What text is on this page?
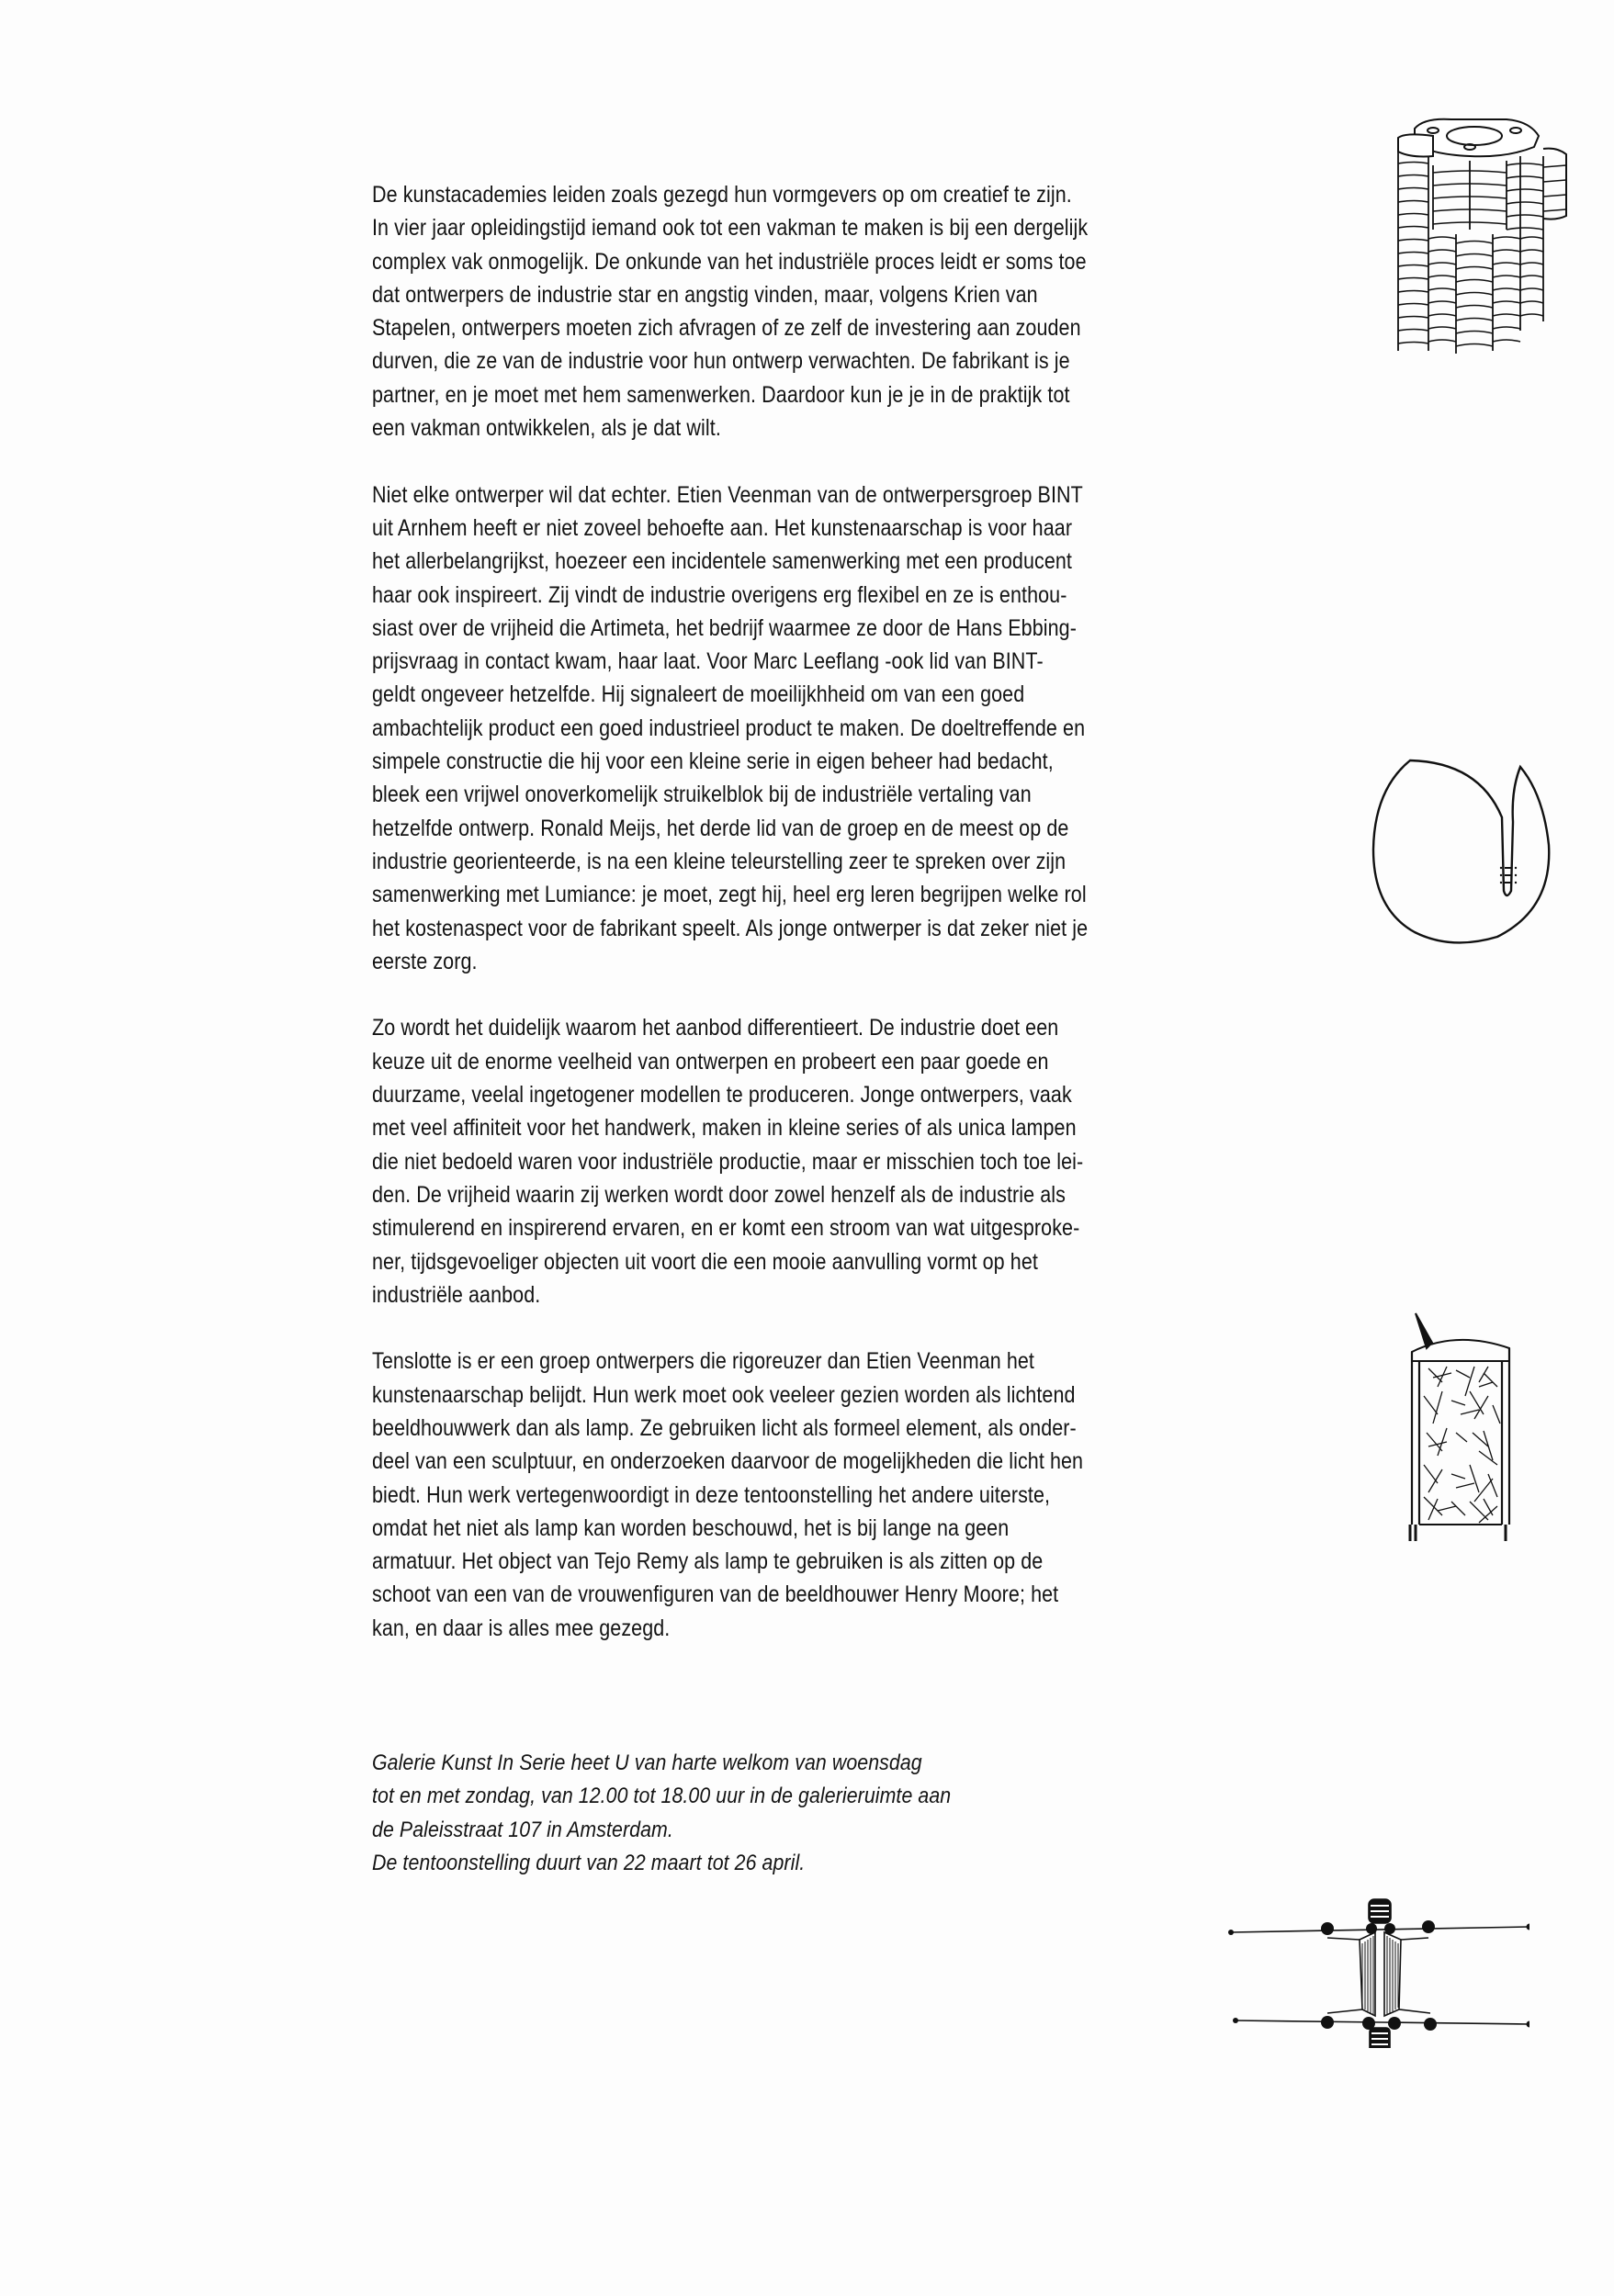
De kunstacademies leiden zoals gezegd hun vormgevers op om creatief te zijn.
In vier jaar opleidingstijd iemand ook tot een vakman te maken is bij een dergelijk
complex vak onmogelijk. De onkunde van het industriële proces leidt er soms toe
dat ontwerpers de industrie star en angstig vinden, maar, volgens Krien van
Stapelen, ontwerpers moeten zich afvragen of ze zelf de investering aan zouden
durven, die ze van de industrie voor hun ontwerp verwachten. De fabrikant is je
partner, en je moet met hem samenwerken. Daardoor kun je je in de praktijk tot
een vakman ontwikkelen, als je dat wilt.

Niet elke ontwerper wil dat echter. Etien Veenman van de ontwerpersgroep BINT
uit Arnhem heeft er niet zoveel behoefte aan. Het kunstenaarschap is voor haar
het allerbelangrijkst, hoezeer een incidentele samenwerking met een producent
haar ook inspireert. Zij vindt de industrie overigens erg flexibel en ze is enthou-
siast over de vrijheid die Artimeta, het bedrijf waarmee ze door de Hans Ebbing-
prijsvraag in contact kwam, haar laat. Voor Marc Leeflang -ook lid van BINT-
geldt ongeveer hetzelfde. Hij signaleert de moeilijkhheid om van een goed
ambachtelijk product een goed industrieel product te maken. De doeltreffende en
simpele constructie die hij voor een kleine serie in eigen beheer had bedacht,
bleek een vrijwel onoverkomelijk struikelblok bij de industriële vertaling van
hetzelfde ontwerp. Ronald Meijs, het derde lid van de groep en de meest op de
industrie georienteerde, is na een kleine teleurstelling zeer te spreken over zijn
samenwerking met Lumiance: je moet, zegt hij, heel erg leren begrijpen welke rol
het kostenaspect voor de fabrikant speelt. Als jonge ontwerper is dat zeker niet je
eerste zorg.

Zo wordt het duidelijk waarom het aanbod differentieert. De industrie doet een
keuze uit de enorme veelheid van ontwerpen en probeert een paar goede en
duurzame, veelal ingetogener modellen te produceren. Jonge ontwerpers, vaak
met veel affiniteit voor het handwerk, maken in kleine series of als unica lampen
die niet bedoeld waren voor industriële productie, maar er misschien toch toe lei-
den. De vrijheid waarin zij werken wordt door zowel henzelf als de industrie als
stimulerend en inspirerend ervaren, en er komt een stroom van wat uitgesproke-
ner, tijdsgevoeliger objecten uit voort die een mooie aanvulling vormt op het
industriële aanbod.

Tenslotte is er een groep ontwerpers die rigoreuzer dan Etien Veenman het
kunstenaarschap belijdt. Hun werk moet ook veeleer gezien worden als lichtend
beeldhouwwerk dan als lamp. Ze gebruiken licht als formeel element, als onder-
deel van een sculptuur, en onderzoeken daarvoor de mogelijkheden die licht hen
biedt. Hun werk vertegenwoordigt in deze tentoonstelling het andere uiterste,
omdat het niet als lamp kan worden beschouwd, het is bij lange na geen
armatuur. Het object van Tejo Remy als lamp te gebruiken is als zitten op de
schoot van een van de vrouwenfiguren van de beeldhouwer Henry Moore; het
kan, en daar is alles mee gezegd.

Galerie Kunst In Serie heet U van harte welkom van woensdag
tot en met zondag, van 12.00 tot 18.00 uur in de galerieruimte aan
de Paleisstraat 107 in Amsterdam.
De tentoonstelling duurt van 22 maart tot 26 april.
